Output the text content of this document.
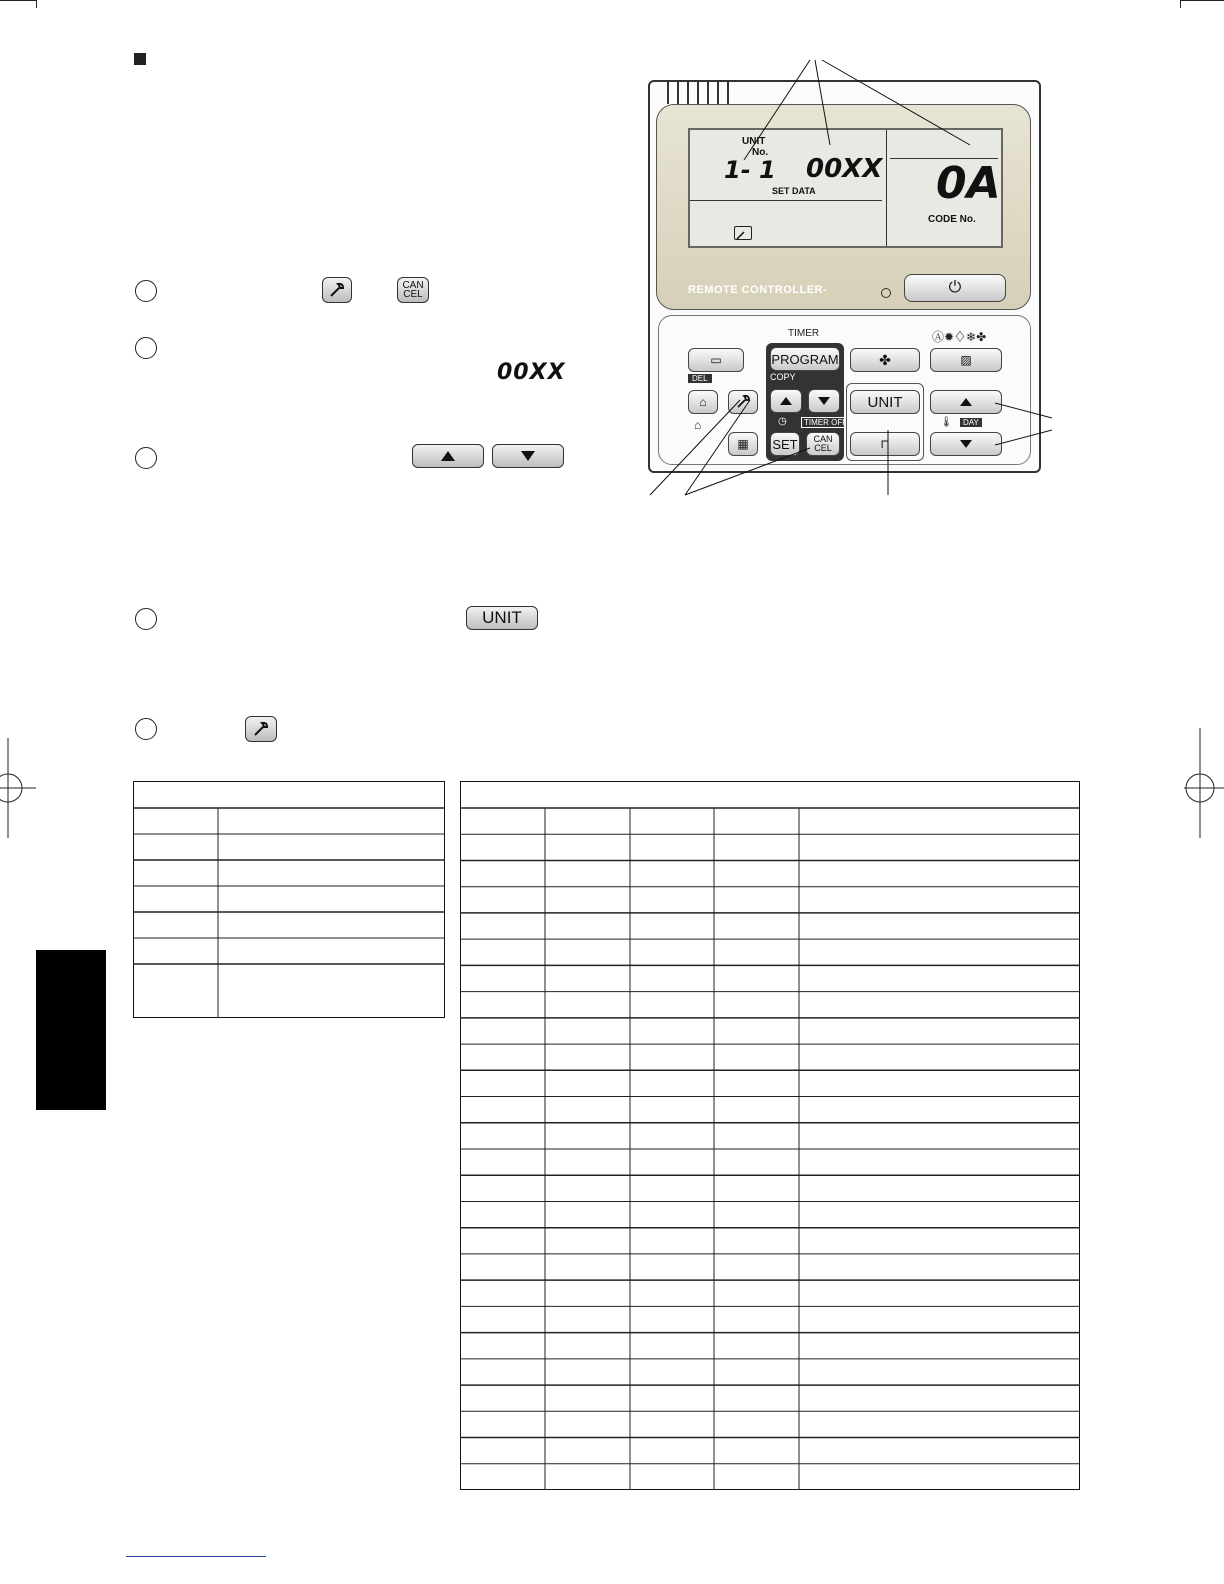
CAN
CEL
00XX
UNIT
UNIT
No.
1- 1 00XX
SET DATA	0A
CODE No.
REMOTE CONTROLLER-	⏻
TIMER	Ⓐ✹♢❄✤
PROGRAM
COPY
◷	TIMER OFF
SET CAN
CEL
▭
DEL
⌂
⌂
▦
✤	▨
UNIT
⊓
🌡	DAY
